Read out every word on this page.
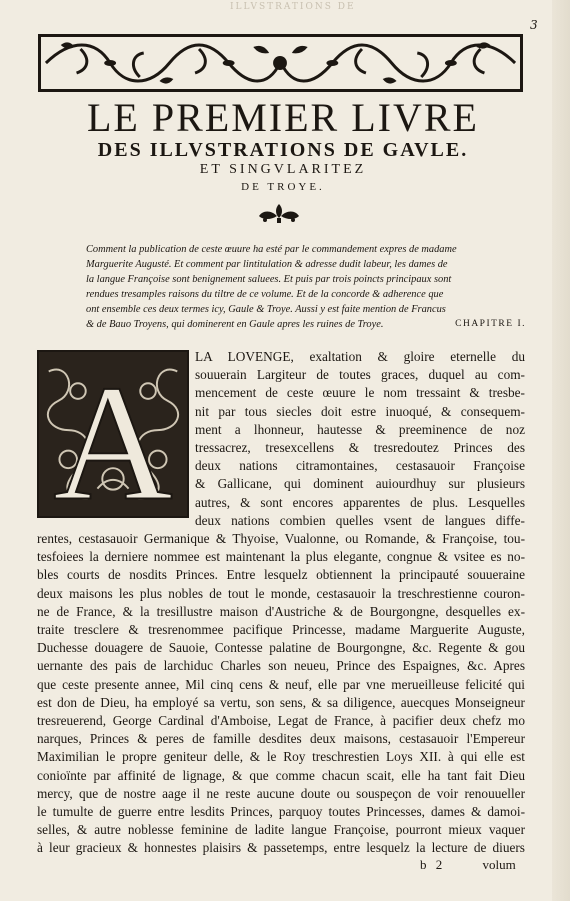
ILLVSTRATIONS DE
3
LE PREMIER LIVRE
DES ILLVSTRATIONS DE GAVLE.
ET SINGVLARITEZ
DE TROYE.
Comment la publication de ceste œuure ha esté par le commandement expres de madame
Marguerite Augusté. Et comment par lintitulation & adresse dudit labeur, les dames de
la langue Françoise sont benignement saluees. Et puis par trois poincts principaux sont
rendues tresamples raisons du tiltre de ce volume. Et de la concorde & adherence que
ont ensemble ces deux termes icy, Gaule & Troye. Aussi y est faite mention de Francus
& de Bauo Troyens, qui dominerent en Gaule apres les ruines de Troye.	CHAPITRE I.
A LA LOVENGE, exaltation & gloire eternelle du
souuerain Largiteur de toutes graces, duquel au com-
mencement de ceste œuure le nom tressaint & tresbe-
nit par tous siecles doit estre inuoqué, & consequem-
ment a lhonneur, hautesse & preeminence de noz
tressacrez, tresexcellens & tresredoutez Princes des
deux nations citramontaines, cestasauoir Françoise
& Gallicane, qui dominent auiourdhuy sur plusieurs
autres, & sont encores apparentes de plus. Lesquelles
deux nations combien quelles vsent de langues diffe-
rentes, cestasauoir Germanique & Thyoise, Vualonne, ou Romande, & Françoise, tou-
tesfoiees la derniere nommee est maintenant la plus elegante, congnue & vsitee es no-
bles courts de nosdits Princes. Entre lesquelz obtiennent la principauté souueraine
deux maisons les plus nobles de tout le monde, cestasauoir la treschrestienne couron-
ne de France, & la tresillustre maison d'Austriche & de Bourgongne, desquelles ex-
traite tresclere & tresrenommee pacifique Princesse, madame Marguerite Auguste,
Duchesse douagere de Sauoie, Contesse palatine de Bourgongne, &c. Regente & gou
uernante des pais de larchiduc Charles son neueu, Prince des Espaignes, &c. Apres
que ceste presente annee, Mil cinq cens & neuf, elle par vne merueilleuse felicité qui
est don de Dieu, ha employé sa vertu, son sens, & sa diligence, auecques Monseigneur
tresreuerend, George Cardinal d'Amboise, Legat de France, à pacifier deux chefz mo
narques, Princes & peres de famille desdites deux maisons, cestasauoir l'Empereur
Maximilian le propre geniteur delle, & le Roy treschrestien Loys XII. à qui elle est
conioïnte par affinité de lignage, & que comme chacun scait, elle ha tant fait Dieu
mercy, que de nostre aage il ne reste aucune doute ou souspeçon de voir renouueller
le tumulte de guerre entre lesdits Princes, parquoy toutes Princesses, dames & damoi-
selles, & autre noblesse feminine de ladite langue Françoise, pourront mieux vaquer
à leur gracieux & honnestes plaisirs & passetemps, entre lesquelz la lecture de diuers
b 2	volum
